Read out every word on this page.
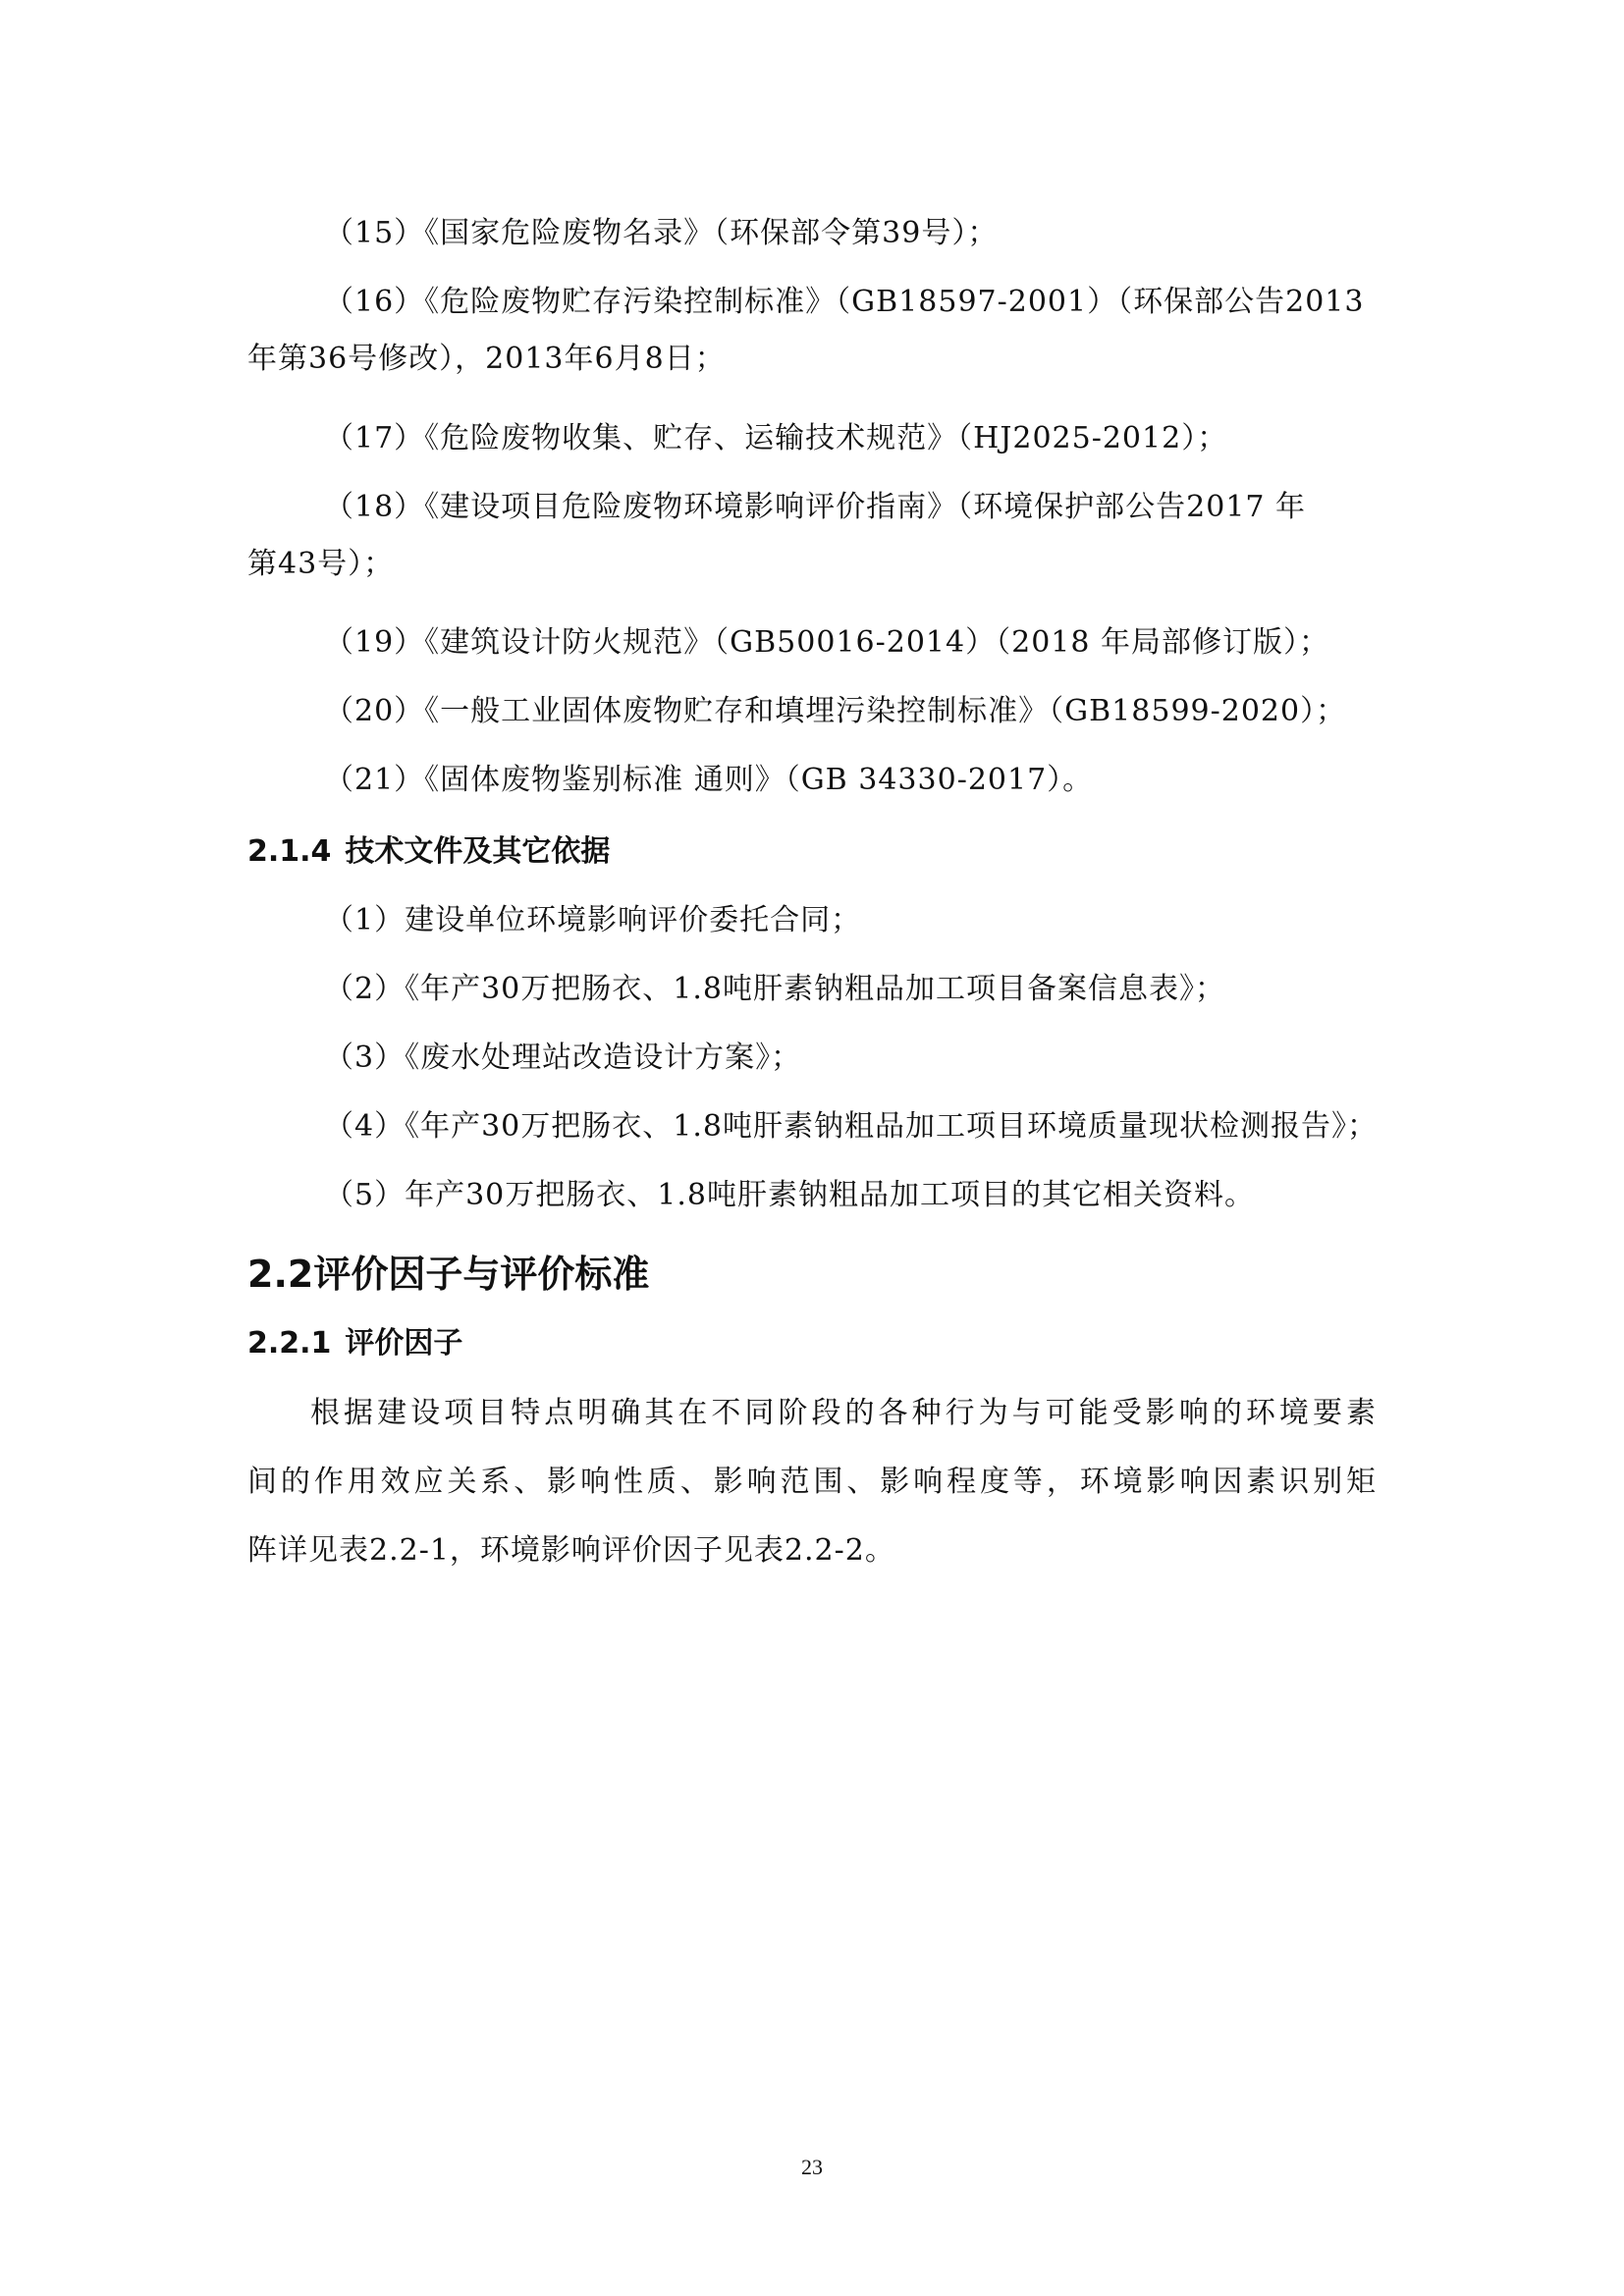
（15）《国家危险废物名录》（环保部令第39号）；
（16）《危险废物贮存污染控制标准》（GB18597-2001）（环保部公告2013
年第36号修改），2013年6月8日；
（17）《危险废物收集、贮存、运输技术规范》（HJ2025-2012）；
（18）《建设项目危险废物环境影响评价指南》（环境保护部公告2017 年
第43号）；
（19）《建筑设计防火规范》（GB50016-2014）（2018 年局部修订版）；
（20）《一般工业固体废物贮存和填埋污染控制标准》（GB18599-2020）；
（21）《固体废物鉴别标准 通则》（GB 34330-2017）。
2.1.4 技术文件及其它依据
（1）建设单位环境影响评价委托合同；
（2）《年产30万把肠衣、1.8吨肝素钠粗品加工项目备案信息表》；
（3）《废水处理站改造设计方案》；
（4）《年产30万把肠衣、1.8吨肝素钠粗品加工项目环境质量现状检测报告》；
（5）年产30万把肠衣、1.8吨肝素钠粗品加工项目的其它相关资料。
2.2评价因子与评价标准
2.2.1 评价因子
根据建设项目特点明确其在不同阶段的各种行为与可能受影响的环境要素
间的作用效应关系、影响性质、影响范围、影响程度等，环境影响因素识别矩
阵详见表2.2-1，环境影响评价因子见表2.2-2。
23
